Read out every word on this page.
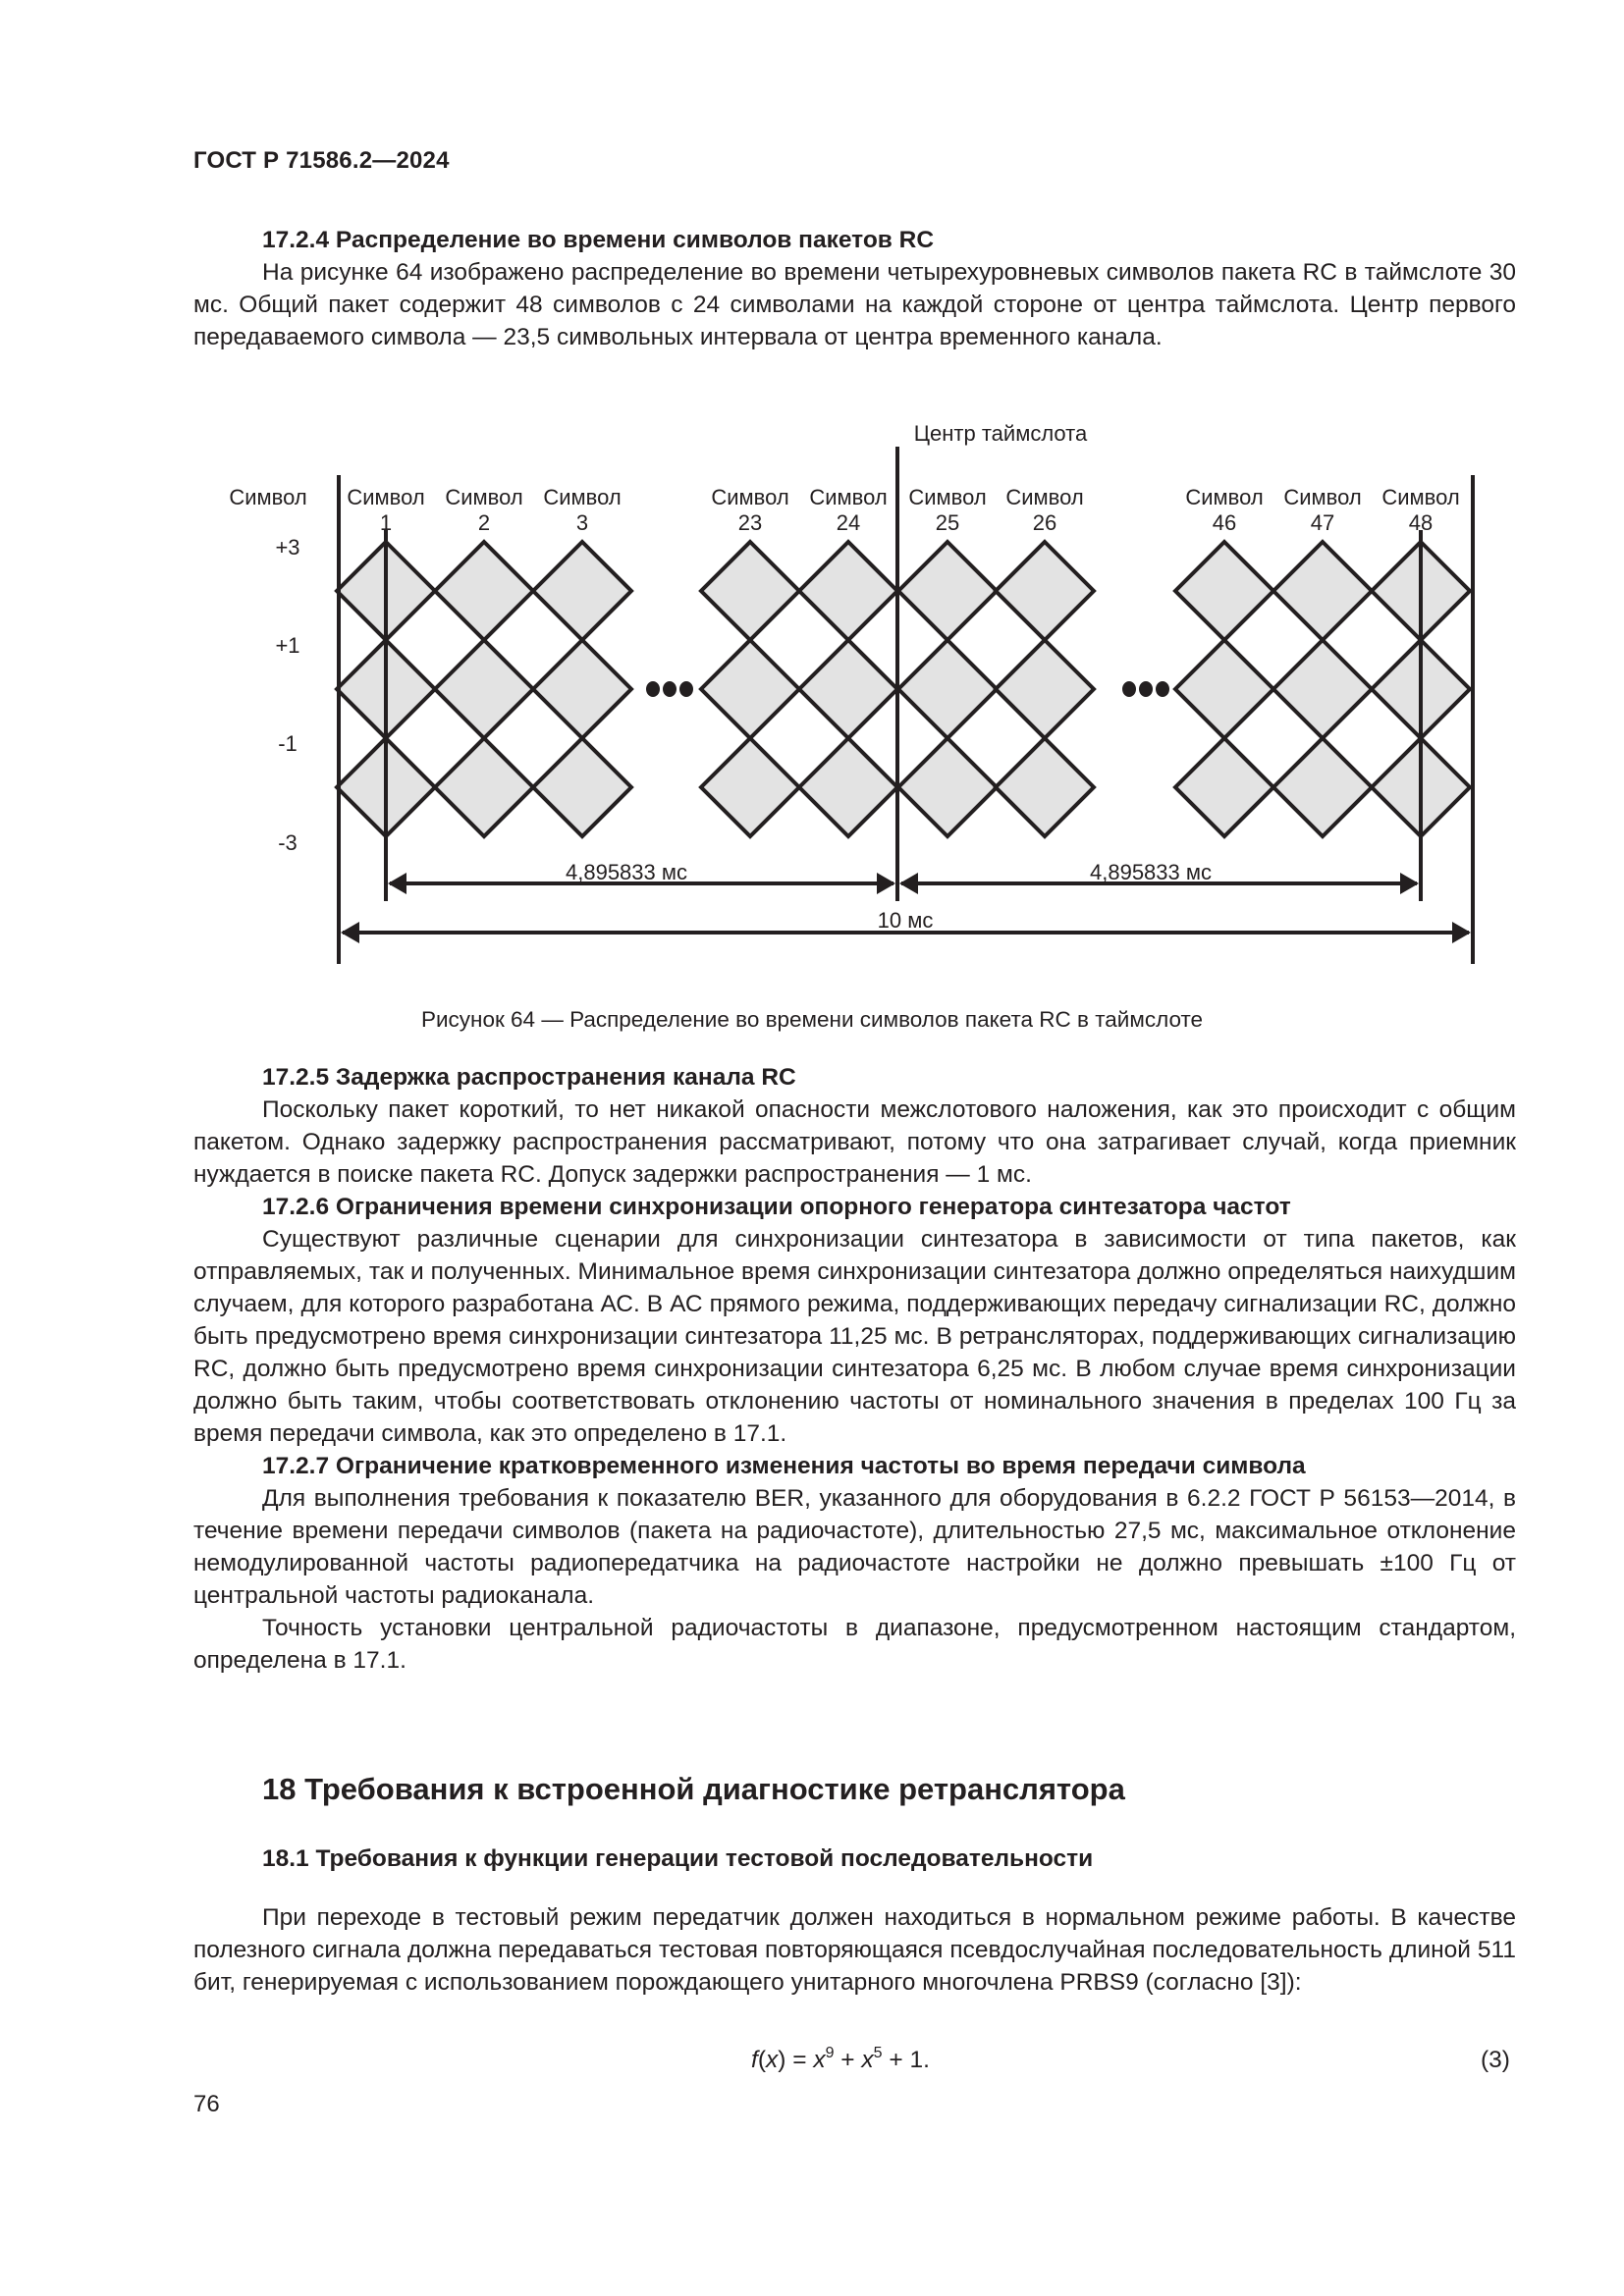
ГОСТ Р 71586.2—2024

17.2.4 Распределение во времени символов пакетов RC

На рисунке 64 изображено распределение во времени четырехуровневых символов пакета RC в таймслоте 30 мс. Общий пакет содержит 48 символов с 24 символами на каждой стороне от центра таймслота. Центр первого передаваемого символа — 23,5 символьных интервала от центра временного канала.

Центр таймслота
Символ
+3
+1
-1
-3
Символ
1
Символ
2
Символ
3
Символ
23
Символ
24
Символ
25
Символ
26
Символ
46
Символ
47
Символ
48
4,895833 мс	4,895833 мс
10 мс
Рисунок 64 — Распределение во времени символов пакета RC в таймслоте

17.2.5 Задержка распространения канала RC

Поскольку пакет короткий, то нет никакой опасности межслотового наложения, как это происходит с общим пакетом. Однако задержку распространения рассматривают, потому что она затрагивает случай, когда приемник нуждается в поиске пакета RC. Допуск задержки распространения — 1 мс.

17.2.6 Ограничения времени синхронизации опорного генератора синтезатора частот

Существуют различные сценарии для синхронизации синтезатора в зависимости от типа пакетов, как отправляемых, так и полученных. Минимальное время синхронизации синтезатора должно определяться наихудшим случаем, для которого разработана АС. В АС прямого режима, поддерживающих передачу сигнализации RC, должно быть предусмотрено время синхронизации синтезатора 11,25 мс. В ретрансляторах, поддерживающих сигнализацию RC, должно быть предусмотрено время синхронизации синтезатора 6,25 мс. В любом случае время синхронизации должно быть таким, чтобы соответствовать отклонению частоты от номинального значения в пределах 100 Гц за время передачи символа, как это определено в 17.1.

17.2.7 Ограничение кратковременного изменения частоты во время передачи символа

Для выполнения требования к показателю BER, указанного для оборудования в 6.2.2 ГОСТ Р 56153—2014, в течение времени передачи символов (пакета на радиочастоте), длительностью 27,5 мс, максимальное отклонение немодулированной частоты радиопередатчика на радиочастоте настройки не должно превышать ±100 Гц от центральной частоты радиоканала.

Точность установки центральной радиочастоты в диапазоне, предусмотренном настоящим стандартом, определена в 17.1.

18 Требования к встроенной диагностике ретранслятора
18.1 Требования к функции генерации тестовой последовательности

При переходе в тестовый режим передатчик должен находиться в нормальном режиме работы. В качестве полезного сигнала должна передаваться тестовая повторяющаяся псевдослучайная последовательность длиной 511 бит, генерируемая с использованием порождающего унитарного многочлена PRBS9 (согласно [3]):

$f(x) = x^9 + x^5 + 1$.	(3)
76
